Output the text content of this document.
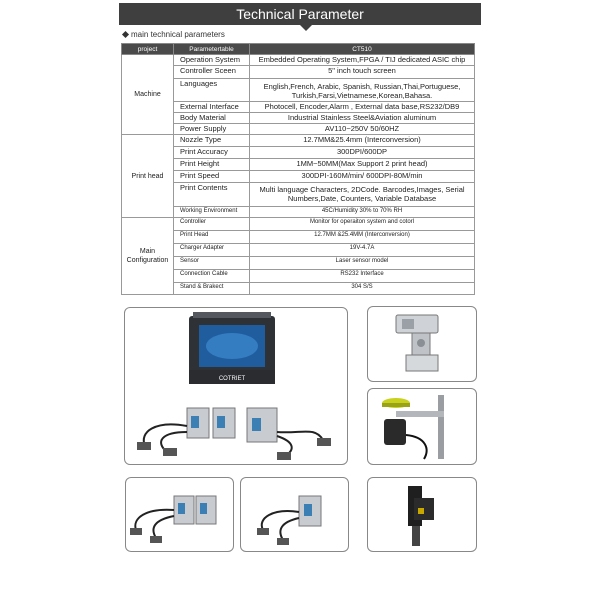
Technical Parameter
main technical parameters
project	Parametertable	CT510
Machine	Operation System	Embedded Operating System,FPGA / TIJ dedicated ASIC chip
	Controller Sceen	5" inch touch screen
	Languages	English,French, Arabic, Spanish, Russian,Thai,Portuguese, Turkish,Farsi,Vietnamese,Korean,Bahasa.
	External Interface	Photocell, Encoder,Alarm , External data base,RS232/DB9
	Body Material	Industrial Stainless Steel&Aviation aluminum
	Power Supply	AV110~250V 50/60HZ
Print head	Nozzle Type	12.7MM&25.4mm (Interconversion)
	Print Accuracy	300DPI/600DP
	Print Height	1MM~50MM(Max Support 2 print head)
	Print Speed	300DPI-160M/min/ 600DPI-80M/min
	Print Contents	Multi language Characters, 2DCode. Barcodes,Images, Serial Numbers,Date, Counters, Variable Database
	Working Environment	45C/Humidity 30% to 70% RH
Main Configuration	Controller	Monitor for operaiton system and cotorl
	Print Head	12.7MM &25.4MM (Interconversion)
	Charger Adapter	19V-4.7A
	Sensor	Laser sensor model
	Connection Cable	RS232 Interface
	Stand & Brakect	304 S/S
COTRIET
